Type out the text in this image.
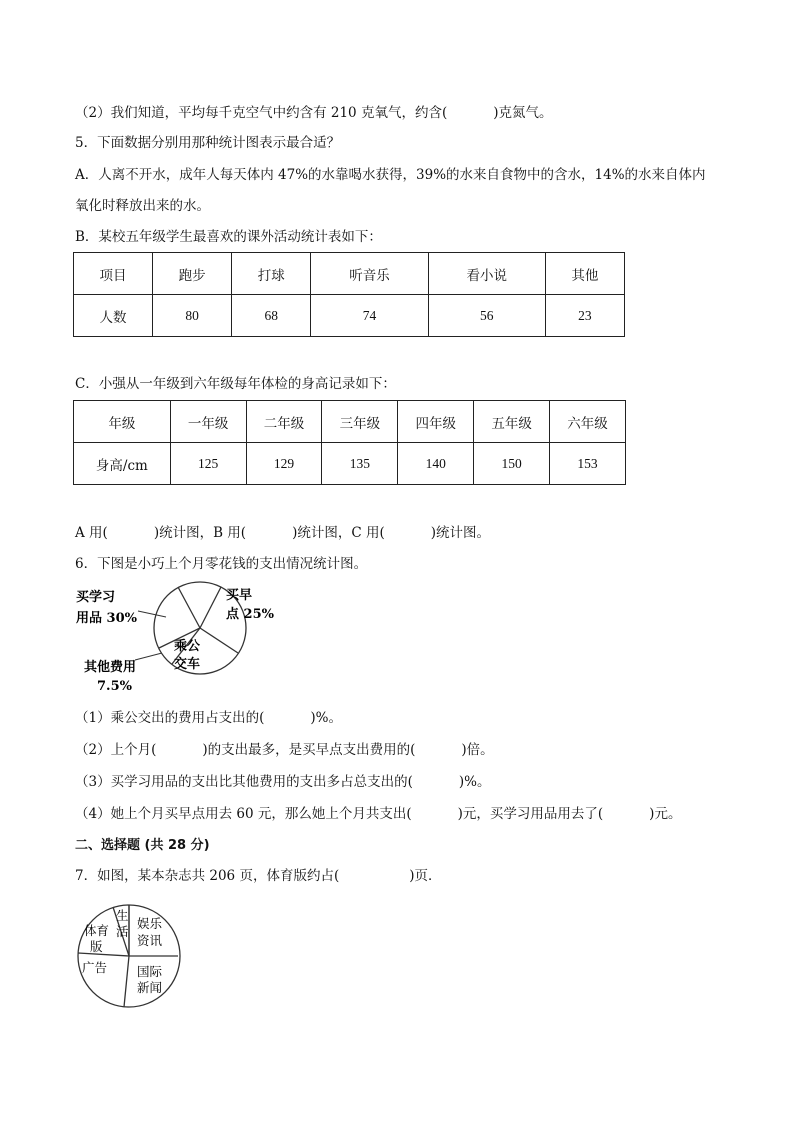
（2）我们知道，平均每千克空气中约含有 210 克氧气，约含(	)克氮气。
5．下面数据分别用那种统计图表示最合适？
A．人离不开水，成年人每天体内 47%的水靠喝水获得，39%的水来自食物中的含水，14%的水来自体内
氧化时释放出来的水。
B．某校五年级学生最喜欢的课外活动统计表如下：
项目	跑步	打球	听音乐	看小说	其他
人数	80	68	74	56	23
C．小强从一年级到六年级每年体检的身高记录如下：
年级	一年级	二年级	三年级	四年级	五年级	六年级
身高/cm	125	129	135	140	150	153
A 用(	)统计图，B 用(	)统计图，C 用(	)统计图。
6．下图是小巧上个月零花钱的支出情况统计图。
买学习
用品 30%
买早
点 25%
乘公
交车
其他费用
7.5%
（1）乘公交出的费用占支出的(	)%。
（2）上个月(	)的支出最多，是买早点支出费用的(	)倍。
（3）买学习用品的支出比其他费用的支出多占总支出的(	)%。
（4）她上个月买早点用去 60 元，那么她上个月共支出(	)元，买学习用品用去了(	)元。
二、选择题 (共 28 分)
7．如图，某本杂志共 206 页，体育版约占(	)页．
生
活
娱乐
资讯
体育
版
广告 国际
新闻
